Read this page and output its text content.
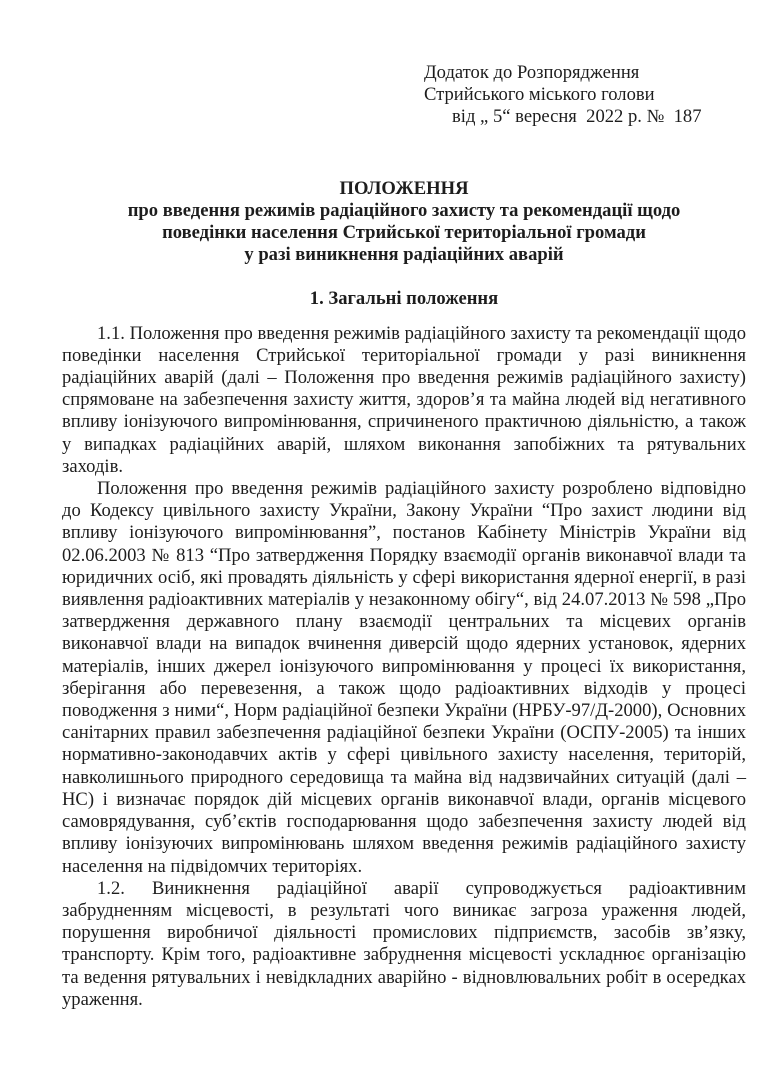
Додаток до Розпорядження
Стрийського міського голови
від „ 5“ вересня  2022 р. №  187
ПОЛОЖЕННЯ
про введення режимів радіаційного захисту та рекомендації щодо
поведінки населення Стрийської територіальної громади
у разі виникнення радіаційних аварій
1. Загальні положення
1.1. Положення про введення режимів радіаційного захисту та рекомендації щодо поведінки населення Стрийської територіальної громади у разі виникнення радіаційних аварій (далі – Положення про введення режимів радіаційного захисту) спрямоване на забезпечення захисту життя, здоров’я та майна людей від негативного впливу іонізуючого випромінювання, спричиненого практичною діяльністю, а також у випадках радіаційних аварій, шляхом виконання запобіжних та рятувальних заходів.
Положення про введення режимів радіаційного захисту розроблено відповідно до Кодексу цивільного захисту України, Закону України “Про захист людини від впливу іонізуючого випромінювання”, постанов Кабінету Міністрів України від 02.06.2003 № 813 “Про затвердження Порядку взаємодії органів виконавчої влади та юридичних осіб, які провадять діяльність у сфері використання ядерної енергії, в разі виявлення радіоактивних матеріалів у незаконному обігу“, від 24.07.2013 № 598 „Про затвердження державного плану взаємодії центральних та місцевих органів виконавчої влади на випадок вчинення диверсій щодо ядерних установок, ядерних матеріалів, інших джерел іонізуючого випромінювання у процесі їх використання, зберігання або перевезення, а також щодо радіоактивних відходів у процесі поводження з ними“, Норм радіаційної безпеки України (НРБУ-97/Д-2000), Основних санітарних правил забезпечення радіаційної безпеки України (ОСПУ-2005) та інших нормативно-законодавчих актів у сфері цивільного захисту населення, територій, навколишнього природного середовища та майна від надзвичайних ситуацій (далі – НС) і визначає порядок дій місцевих органів виконавчої влади, органів місцевого самоврядування, суб’єктів господарювання щодо забезпечення захисту людей від впливу іонізуючих випромінювань шляхом введення режимів радіаційного захисту населення на підвідомчих територіях.
1.2. Виникнення радіаційної аварії супроводжується радіоактивним забрудненням місцевості, в результаті чого виникає загроза ураження людей, порушення виробничої діяльності промислових підприємств, засобів зв’язку, транспорту. Крім того, радіоактивне забруднення місцевості ускладнює організацію та ведення рятувальних і невідкладних аварійно - відновлювальних робіт в осередках ураження.
